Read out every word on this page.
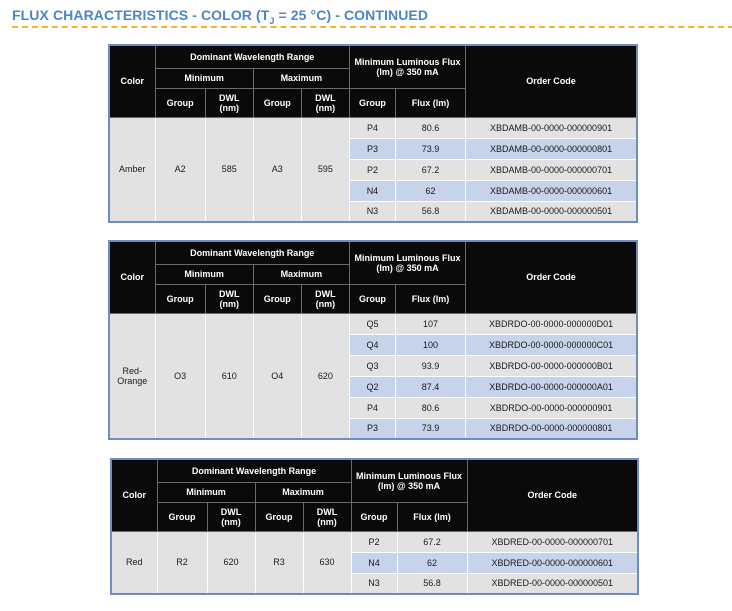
FLUX CHARACTERISTICS - COLOR ($T_J = 25$ °C) - CONTINUED
Color	Dominant Wavelength Range				Minimum Luminous Flux
(lm) @ 350 mA		Order Code
	Minimum		Maximum				
	Group	DWL
(nm)	Group	DWL
(nm)	Group	Flux (lm)	
Amber	A2	585	A3	595	P4	80.6	XBDAMB-00-0000-000000901
					P3	73.9	XBDAMB-00-0000-000000801
					P2	67.2	XBDAMB-00-0000-000000701
					N4	62	XBDAMB-00-0000-000000601
					N3	56.8	XBDAMB-00-0000-000000501
Color	Dominant Wavelength Range				Minimum Luminous Flux
(lm) @ 350 mA		Order Code
	Minimum		Maximum				
	Group	DWL
(nm)	Group	DWL
(nm)	Group	Flux (lm)	
Red-
Orange	O3	610	O4	620	Q5	107	XBDRDO-00-0000-000000D01
					Q4	100	XBDRDO-00-0000-000000C01
					Q3	93.9	XBDRDO-00-0000-000000B01
					Q2	87.4	XBDRDO-00-0000-000000A01
					P4	80.6	XBDRDO-00-0000-000000901
					P3	73.9	XBDRDO-00-0000-000000801
Color	Dominant Wavelength Range				Minimum Luminous Flux
(lm) @ 350 mA		Order Code
	Minimum		Maximum				
	Group	DWL
(nm)	Group	DWL
(nm)	Group	Flux (lm)	
Red	R2	620	R3	630	P2	67.2	XBDRED-00-0000-000000701
					N4	62	XBDRED-00-0000-000000601
					N3	56.8	XBDRED-00-0000-000000501
